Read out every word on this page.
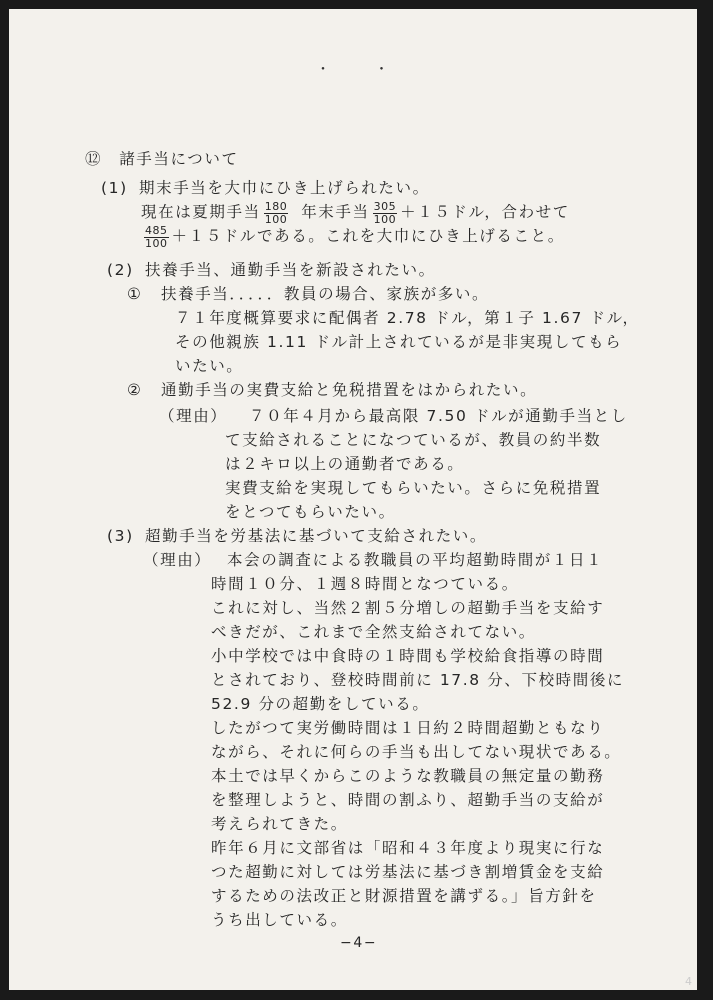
・ ・
⑫　諸手当について
(1) 期末手当を大巾にひき上げられたい。
現在は夏期手当 $\frac{180}{100}$ 年末手当 $\frac{305}{100} +15$ドル，合わせて
$\frac{485}{100} +15$ドルである。これを大巾にひき上げること。
(2) 扶養手当、通勤手当を新設されたい。
① 扶養手当．．．．．教員の場合、家族が多い。
７１年度概算要求に配偶者 2.78 ドル，第１子 1.67 ドル，
その他親族 1.11 ドル計上されているが是非実現してもら
いたい。
② 通勤手当の実費支給と免税措置をはかられたい。
（理由） ７０年４月から最高限 7.50 ドルが通勤手当とし
て支給されることになつているが、教員の約半数
は２キロ以上の通勤者である。
実費支給を実現してもらいたい。さらに免税措置
をとつてもらいたい。
(3) 超勤手当を労基法に基づいて支給されたい。
（理由） 本会の調査による教職員の平均超勤時間が１日１
時間１０分、１週８時間となつている。
これに対し、当然２割５分増しの超勤手当を支給す
べきだが、これまで全然支給されてない。
小中学校では中食時の１時間も学校給食指導の時間
とされており、登校時間前に 17.8 分、下校時間後に
52.9 分の超勤をしている。
したがつて実労働時間は１日約２時間超勤ともなり
ながら、それに何らの手当も出してない現状である。
本土では早くからこのような教職員の無定量の勤務
を整理しようと、時間の割ふり、超勤手当の支給が
考えられてきた。
昨年６月に文部省は「昭和４３年度より現実に行な
つた超勤に対しては労基法に基づき割増賃金を支給
するための法改正と財源措置を講ずる。」旨方針を
うち出している。
−4−
4
